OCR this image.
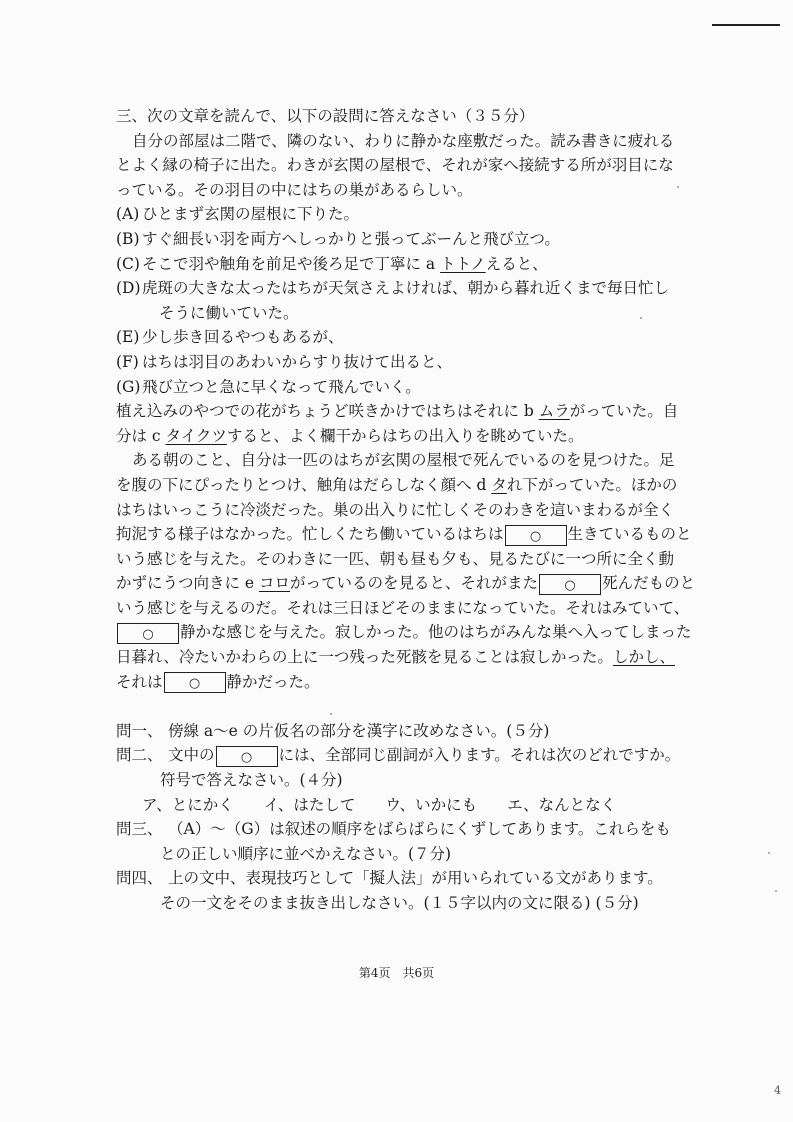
三、次の文章を読んで、以下の設問に答えなさい（３５分）
自分の部屋は二階で、隣のない、わりに静かな座敷だった。読み書きに疲れる
とよく縁の椅子に出た。わきが玄関の屋根で、それが家へ接続する所が羽目にな
っている。その羽目の中にはちの巣があるらしい。
(A) ひとまず玄関の屋根に下りた。
(B) すぐ細長い羽を両方へしっかりと張ってぶーんと飛び立つ。
(C) そこで羽や触角を前足や後ろ足で丁寧に a トトノえると、
(D)虎斑の大きな太ったはちが天気さえよければ、朝から暮れ近くまで毎日忙し
そうに働いていた。
(E) 少し歩き回るやつもあるが、
(F) はちは羽目のあわいからすり抜けて出ると、
(G)飛び立つと急に早くなって飛んでいく。
植え込みのやつでの花がちょうど咲きかけではちはそれに b ムラがっていた。自
分は c タイクツすると、よく欄干からはちの出入りを眺めていた。
ある朝のこと、自分は一匹のはちが玄関の屋根で死んでいるのを見つけた。足
を腹の下にぴったりとつけ、触角はだらしなく顔へ d タれ下がっていた。ほかの
はちはいっこうに冷淡だった。巣の出入りに忙しくそのわきを這いまわるが全く
拘泥する様子はなかった。忙しくたち働いているはちは ○ 生きているものと
いう感じを与えた。そのわきに一匹、朝も昼も夕も、見るたびに一つ所に全く動
かずにうつ向きに e コロがっているのを見ると、それがまた ○ 死んだものと
いう感じを与えるのだ。それは三日ほどそのままになっていた。それはみていて、
○ 静かな感じを与えた。寂しかった。他のはちがみんな巣へ入ってしまった
日暮れ、冷たいかわらの上に一つ残った死骸を見ることは寂しかった。しかし、
それは ○ 静かだった。
問一、 傍線 a～e の片仮名の部分を漢字に改めなさい。(５分)
問二、 文中の ○ には、全部同じ副詞が入ります。それは次のどれですか。
符号で答えなさい。(４分)
ア、とにかく イ、はたして ウ、いかにも エ、なんとなく
問三、 （A）～（G）は叙述の順序をばらばらにくずしてあります。これらをも
との正しい順序に並べかえなさい。(７分)
問四、 上の文中、表現技巧として「擬人法」が用いられている文があります。
その一文をそのまま抜き出しなさい。(１５字以内の文に限る) (５分)
第4页　共6页
4
